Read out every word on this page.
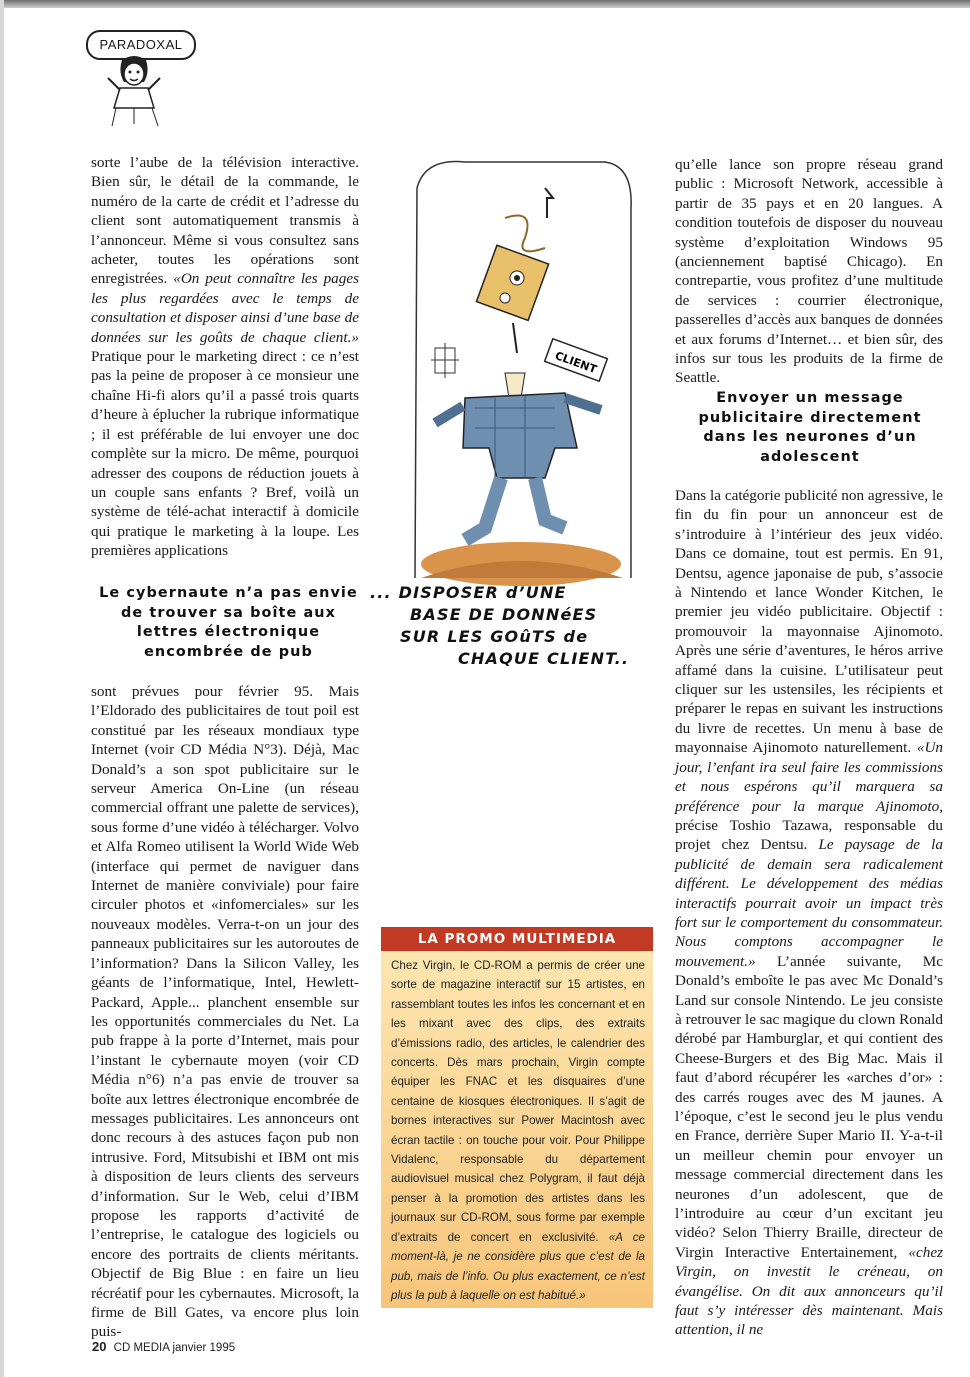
PARADOXAL

sorte l’aube de la télévision interactive. Bien sûr, le détail de la commande, le numéro de la carte de crédit et l’adresse du client sont automatiquement transmis à l’annonceur. Même si vous consultez sans acheter, toutes les opérations sont enregistrées. «On peut connaître les pages les plus regardées avec le temps de consultation et disposer ainsi d’une base de données sur les goûts de chaque client.» Pratique pour le marketing direct : ce n’est pas la peine de proposer à ce monsieur une chaîne Hi-fi alors qu’il a passé trois quarts d’heure à éplucher la rubrique informatique ; il est préférable de lui envoyer une doc complète sur la micro. De même, pourquoi adresser des coupons de réduction jouets à un couple sans enfants ? Bref, voilà un système de télé-achat interactif à domicile qui pratique le marketing à la loupe. Les premières applications

Le cybernaute n’a pas envie de trouver sa boîte aux lettres électronique encombrée de pub

sont prévues pour février 95. Mais l’Eldorado des publicitaires de tout poil est constitué par les réseaux mondiaux type Internet (voir CD Média N°3). Déjà, Mac Donald’s a son spot publicitaire sur le serveur America On-Line (un réseau commercial offrant une palette de services), sous forme d’une vidéo à télécharger. Volvo et Alfa Romeo utilisent la World Wide Web (interface qui permet de naviguer dans Internet de manière conviviale) pour faire circuler photos et «infomerciales» sur les nouveaux modèles. Verra-t-on un jour des panneaux publicitaires sur les autoroutes de l’information? Dans la Silicon Valley, les géants de l’informatique, Intel, Hewlett-Packard, Apple... planchent ensemble sur les opportunités commerciales du Net. La pub frappe à la porte d’Internet, mais pour l’instant le cybernaute moyen (voir CD Média n°6) n’a pas envie de trouver sa boîte aux lettres électronique encombrée de messages publicitaires. Les annonceurs ont donc recours à des astuces façon pub non intrusive. Ford, Mitsubishi et IBM ont mis à disposition de leurs clients des serveurs d’information. Sur le Web, celui d’IBM propose les rapports d’activité de l’entreprise, le catalogue des logiciels ou encore des portraits de clients méritants. Objectif de Big Blue : en faire un lieu récréatif pour les cybernautes. Microsoft, la firme de Bill Gates, va encore plus loin puis-

CLIENT
... DISPOSER d’UNE
BASE DE DONNéES
SUR LES GOûTS de
CHAQUE CLIENT..
LA PROMO MULTIMEDIA

Chez Virgin, le CD-ROM a permis de créer une sorte de magazine interactif sur 15 artistes, en rassemblant toutes les infos les concernant et en les mixant avec des clips, des extraits d’émissions radio, des articles, le calendrier des concerts. Dès mars prochain, Virgin compte équiper les FNAC et les disquaires d’une centaine de kiosques électroniques. Il s’agit de bornes interactives sur Power Macintosh avec écran tactile : on touche pour voir. Pour Philippe Vidalenc, responsable du département audiovisuel musical chez Polygram, il faut déjà penser à la promotion des artistes dans les journaux sur CD-ROM, sous forme par exemple d’extraits de concert en exclusivité. «A ce moment-là, je ne considère plus que c’est de la pub, mais de l’info. Ou plus exactement, ce n’est plus la pub à laquelle on est habitué.»

qu’elle lance son propre réseau grand public : Microsoft Network, accessible à partir de 35 pays et en 20 langues. A condition toutefois de disposer du nouveau système d’exploitation Windows 95 (anciennement baptisé Chicago). En contrepartie, vous profitez d’une multitude de services : courrier électronique, passerelles d’accès aux banques de données et aux forums d’Internet… et bien sûr, des infos sur tous les produits de la firme de Seattle.

Envoyer un message publicitaire directement dans les neurones d’un adolescent

Dans la catégorie publicité non agressive, le fin du fin pour un annonceur est de s’introduire à l’intérieur des jeux vidéo. Dans ce domaine, tout est permis. En 91, Dentsu, agence japonaise de pub, s’associe à Nintendo et lance Wonder Kitchen, le premier jeu vidéo publicitaire. Objectif : promouvoir la mayonnaise Ajinomoto. Après une série d’aventures, le héros arrive affamé dans la cuisine. L’utilisateur peut cliquer sur les ustensiles, les récipients et préparer le repas en suivant les instructions du livre de recettes. Un menu à base de mayonnaise Ajinomoto naturellement. «Un jour, l’enfant ira seul faire les commissions et nous espérons qu’il marquera sa préférence pour la marque Ajinomoto, précise Toshio Tazawa, responsable du projet chez Dentsu. Le paysage de la publicité de demain sera radicalement différent. Le développement des médias interactifs pourrait avoir un impact très fort sur le comportement du consommateur. Nous comptons accompagner le mouvement.» L’année suivante, Mc Donald’s emboîte le pas avec Mc Donald’s Land sur console Nintendo. Le jeu consiste à retrouver le sac magique du clown Ronald dérobé par Hamburglar, et qui contient des Cheese-Burgers et des Big Mac. Mais il faut d’abord récupérer les «arches d’or» : des carrés rouges avec des M jaunes. A l’époque, c’est le second jeu le plus vendu en France, derrière Super Mario II. Y-a-t-il un meilleur chemin pour envoyer un message commercial directement dans les neurones d’un adolescent, que de l’introduire au cœur d’un excitant jeu vidéo? Selon Thierry Braille, directeur de Virgin Interactive Entertainement, «chez Virgin, on investit le créneau, on évangélise. On dit aux annonceurs qu’il faut s’y intéresser dès maintenant. Mais attention, il ne

20 CD MEDIA janvier 1995
